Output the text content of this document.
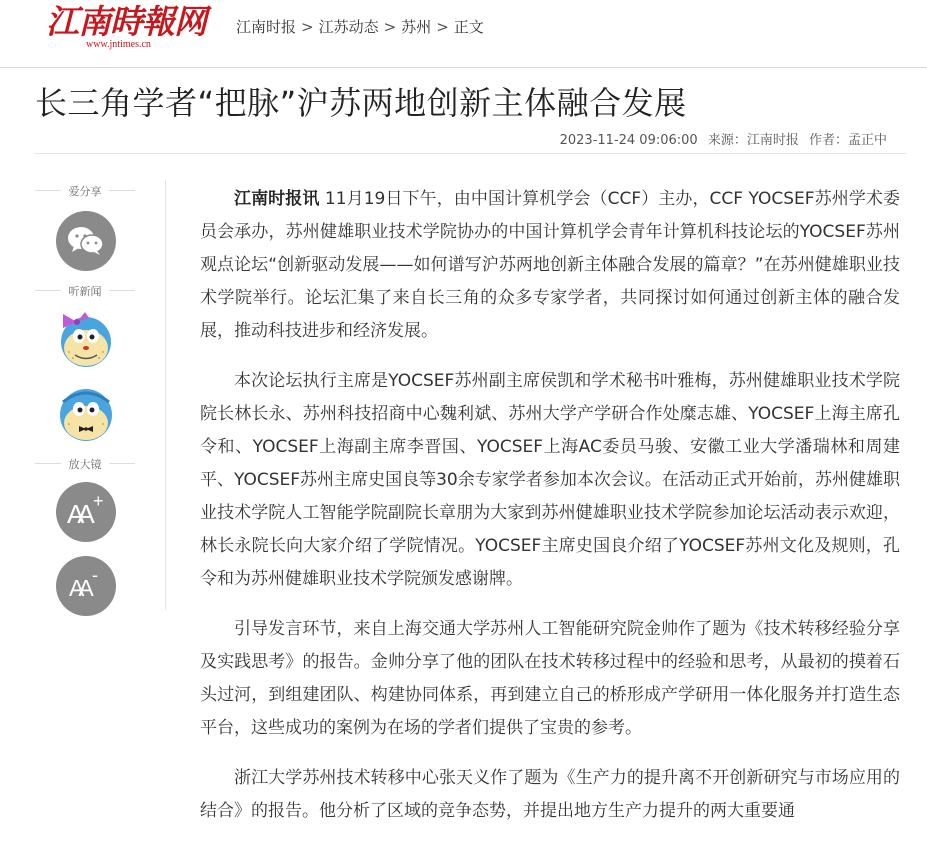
江南時報网
www.jntimes.cn
江南时报 > 江苏动态 > 苏州 > 正文
长三角学者“把脉”沪苏两地创新主体融合发展
2023-11-24 09:06:00 来源：江南时报 作者：孟正中
爱分享
听新闻
放大镜
AA +
AA -

江南时报讯 11月19日下午，由中国计算机学会（CCF）主办，CCF YOCSEF苏州学术委员会承办，苏州健雄职业技术学院协办的中国计算机学会青年计算机科技论坛的YOCSEF苏州观点论坛“创新驱动发展——如何谱写沪苏两地创新主体融合发展的篇章？”在苏州健雄职业技术学院举行。论坛汇集了来自长三角的众多专家学者，共同探讨如何通过创新主体的融合发展，推动科技进步和经济发展。

本次论坛执行主席是YOCSEF苏州副主席侯凯和学术秘书叶雅梅，苏州健雄职业技术学院院长林长永、苏州科技招商中心魏利斌、苏州大学产学研合作处糜志雄、YOCSEF上海主席孔令和、YOCSEF上海副主席李晋国、YOCSEF上海AC委员马骏、安徽工业大学潘瑞林和周建平、YOCSEF苏州主席史国良等30余专家学者参加本次会议。在活动正式开始前，苏州健雄职业技术学院人工智能学院副院长章朋为大家到苏州健雄职业技术学院参加论坛活动表示欢迎，林长永院长向大家介绍了学院情况。YOCSEF主席史国良介绍了YOCSEF苏州文化及规则，孔令和为苏州健雄职业技术学院颁发感谢牌。

引导发言环节，来自上海交通大学苏州人工智能研究院金帅作了题为《技术转移经验分享及实践思考》的报告。金帅分享了他的团队在技术转移过程中的经验和思考，从最初的摸着石头过河，到组建团队、构建协同体系，再到建立自己的桥形成产学研用一体化服务并打造生态平台，这些成功的案例为在场的学者们提供了宝贵的参考。

浙江大学苏州技术转移中心张天义作了题为《生产力的提升离不开创新研究与市场应用的结合》的报告。他分析了区域的竞争态势，并提出地方生产力提升的两大重要通
